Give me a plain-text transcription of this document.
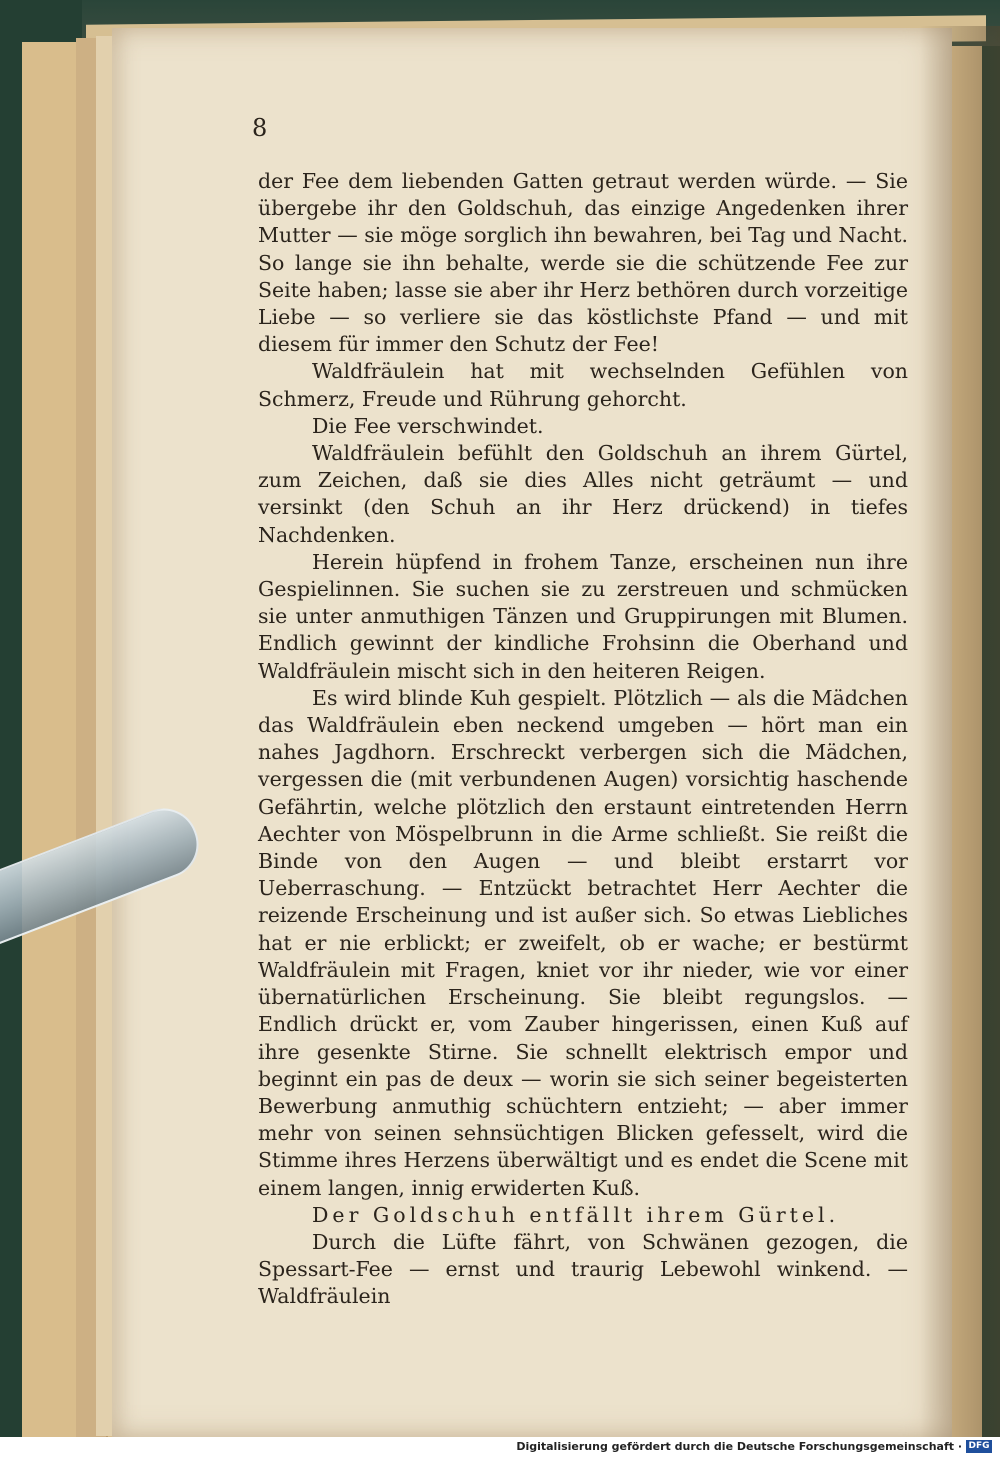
8

der Fee dem liebenden Gatten getraut werden würde. — Sie übergebe ihr den Goldschuh, das einzige Angedenken ihrer Mutter — sie möge sorglich ihn bewahren, bei Tag und Nacht. So lange sie ihn behalte, werde sie die schützende Fee zur Seite haben; lasse sie aber ihr Herz bethören durch vorzeitige Liebe — so verliere sie das köstlichste Pfand — und mit diesem für immer den Schutz der Fee!

Waldfräulein hat mit wechselnden Gefühlen von Schmerz, Freude und Rührung gehorcht.

Die Fee verschwindet.

Waldfräulein befühlt den Goldschuh an ihrem Gürtel, zum Zeichen, daß sie dies Alles nicht geträumt — und versinkt (den Schuh an ihr Herz drückend) in tiefes Nachdenken.

Herein hüpfend in frohem Tanze, erscheinen nun ihre Gespielinnen. Sie suchen sie zu zerstreuen und schmücken sie unter anmuthigen Tänzen und Gruppirungen mit Blumen. Endlich gewinnt der kindliche Frohsinn die Oberhand und Waldfräulein mischt sich in den heiteren Reigen.

Es wird blinde Kuh gespielt. Plötzlich — als die Mädchen das Waldfräulein eben neckend umgeben — hört man ein nahes Jagdhorn. Erschreckt verbergen sich die Mädchen, vergessen die (mit verbundenen Augen) vorsichtig haschende Gefährtin, welche plötzlich den erstaunt eintretenden Herrn Aechter von Möspelbrunn in die Arme schließt. Sie reißt die Binde von den Augen — und bleibt erstarrt vor Ueberraschung. — Entzückt betrachtet Herr Aechter die reizende Erscheinung und ist außer sich. So etwas Liebliches hat er nie erblickt; er zweifelt, ob er wache; er bestürmt Waldfräulein mit Fragen, kniet vor ihr nieder, wie vor einer übernatürlichen Erscheinung. Sie bleibt regungslos. — Endlich drückt er, vom Zauber hingerissen, einen Kuß auf ihre gesenkte Stirne. Sie schnellt elektrisch empor und beginnt ein pas de deux — worin sie sich seiner begeisterten Bewerbung anmuthig schüchtern entzieht; — aber immer mehr von seinen sehnsüchtigen Blicken gefesselt, wird die Stimme ihres Herzens überwältigt und es endet die Scene mit einem langen, innig erwiderten Kuß.

Der Goldschuh entfällt ihrem Gürtel.

Durch die Lüfte fährt, von Schwänen gezogen, die Spessart-Fee — ernst und traurig Lebewohl winkend. — Waldfräulein

Digitalisierung gefördert durch die Deutsche Forschungsgemeinschaft · DFG
